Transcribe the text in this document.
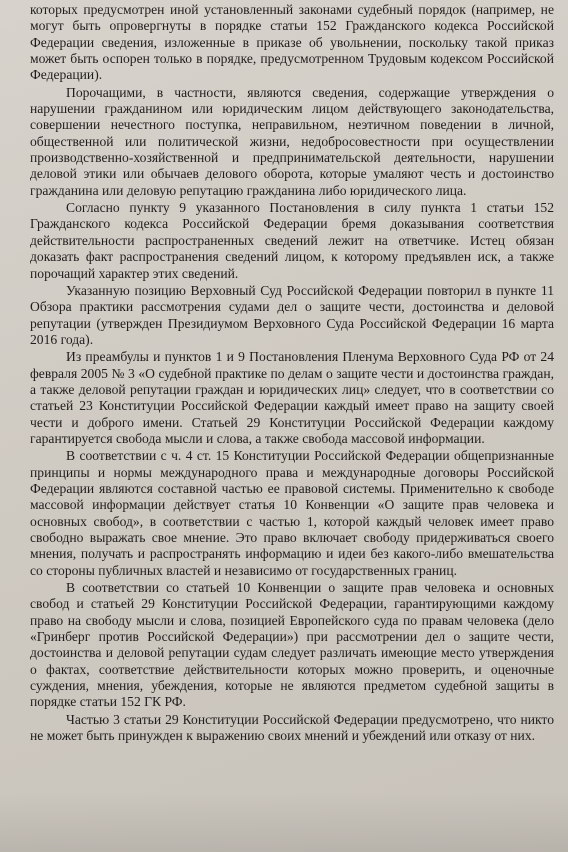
которых предусмотрен иной установленный законами судебный порядок (например, не могут быть опровергнуты в порядке статьи 152 Гражданского кодекса Российской Федерации сведения, изложенные в приказе об увольнении, поскольку такой приказ может быть оспорен только в порядке, предусмотренном Трудовым кодексом Российской Федерации).

Порочащими, в частности, являются сведения, содержащие утверждения о нарушении гражданином или юридическим лицом действующего законодательства, совершении нечестного поступка, неправильном, неэтичном поведении в личной, общественной или политической жизни, недобросовестности при осуществлении производственно-хозяйственной и предпринимательской деятельности, нарушении деловой этики или обычаев делового оборота, которые умаляют честь и достоинство гражданина или деловую репутацию гражданина либо юридического лица.

Согласно пункту 9 указанного Постановления в силу пункта 1 статьи 152 Гражданского кодекса Российской Федерации бремя доказывания соответствия действительности распространенных сведений лежит на ответчике. Истец обязан доказать факт распространения сведений лицом, к которому предъявлен иск, а также порочащий характер этих сведений.

Указанную позицию Верховный Суд Российской Федерации повторил в пункте 11 Обзора практики рассмотрения судами дел о защите чести, достоинства и деловой репутации (утвержден Президиумом Верховного Суда Российской Федерации 16 марта 2016 года).

Из преамбулы и пунктов 1 и 9 Постановления Пленума Верховного Суда РФ от 24 февраля 2005 № 3 «О судебной практике по делам о защите чести и достоинства граждан, а также деловой репутации граждан и юридических лиц» следует, что в соответствии со статьей 23 Конституции Российской Федерации каждый имеет право на защиту своей чести и доброго имени. Статьей 29 Конституции Российской Федерации каждому гарантируется свобода мысли и слова, а также свобода массовой информации.

В соответствии с ч. 4 ст. 15 Конституции Российской Федерации общепризнанные принципы и нормы международного права и международные договоры Российской Федерации являются составной частью ее правовой системы. Применительно к свободе массовой информации действует статья 10 Конвенции «О защите прав человека и основных свобод», в соответствии с частью 1, которой каждый человек имеет право свободно выражать свое мнение. Это право включает свободу придерживаться своего мнения, получать и распространять информацию и идеи без какого-либо вмешательства со стороны публичных властей и независимо от государственных границ.

В соответствии со статьей 10 Конвенции о защите прав человека и основных свобод и статьей 29 Конституции Российской Федерации, гарантирующими каждому право на свободу мысли и слова, позицией Европейского суда по правам человека (дело «Гринберг против Российской Федерации») при рассмотрении дел о защите чести, достоинства и деловой репутации судам следует различать имеющие место утверждения о фактах, соответствие действительности которых можно проверить, и оценочные суждения, мнения, убеждения, которые не являются предметом судебной защиты в порядке статьи 152 ГК РФ.

Частью 3 статьи 29 Конституции Российской Федерации предусмотрено, что никто не может быть принужден к выражению своих мнений и убеждений или отказу от них.
